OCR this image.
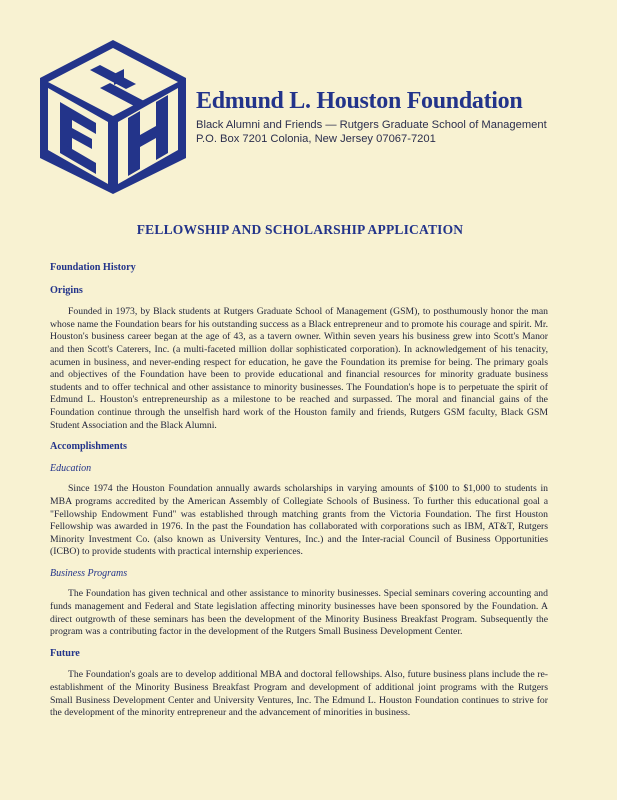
Edmund L. Houston Foundation
Black Alumni and Friends — Rutgers Graduate School of Management
P.O. Box 7201 Colonia, New Jersey 07067-7201
FELLOWSHIP AND SCHOLARSHIP APPLICATION
Foundation History
Origins

Founded in 1973, by Black students at Rutgers Graduate School of Management (GSM), to posthumously honor the man whose name the Foundation bears for his outstanding success as a Black entrepreneur and to promote his courage and spirit. Mr. Houston's business career began at the age of 43, as a tavern owner. Within seven years his business grew into Scott's Manor and then Scott's Caterers, Inc. (a multi-faceted million dollar sophisticated corporation). In acknowledgement of his tenacity, acumen in business, and never-ending respect for education, he gave the Foundation its premise for being. The primary goals and objectives of the Foundation have been to provide educational and financial resources for minority graduate business students and to offer technical and other assistance to minority businesses. The Foundation's hope is to perpetuate the spirit of Edmund L. Houston's entrepreneurship as a milestone to be reached and surpassed. The moral and financial gains of the Foundation continue through the unselfish hard work of the Houston family and friends, Rutgers GSM faculty, Black GSM Student Association and the Black Alumni.

Accomplishments
Education

Since 1974 the Houston Foundation annually awards scholarships in varying amounts of $100 to $1,000 to students in MBA programs accredited by the American Assembly of Collegiate Schools of Business. To further this educational goal a "Fellowship Endowment Fund" was established through matching grants from the Victoria Foundation. The first Houston Fellowship was awarded in 1976. In the past the Foundation has collaborated with corporations such as IBM, AT&T, Rutgers Minority Investment Co. (also known as University Ventures, Inc.) and the Inter-racial Council of Business Opportunities (ICBO) to provide students with practical internship experiences.

Business Programs

The Foundation has given technical and other assistance to minority businesses. Special seminars covering accounting and funds management and Federal and State legislation affecting minority businesses have been sponsored by the Foundation. A direct outgrowth of these seminars has been the development of the Minority Business Breakfast Program. Subsequently the program was a contributing factor in the development of the Rutgers Small Business Development Center.

Future

The Foundation's goals are to develop additional MBA and doctoral fellowships. Also, future business plans include the re-establishment of the Minority Business Breakfast Program and development of additional joint programs with the Rutgers Small Business Development Center and University Ventures, Inc. The Edmund L. Houston Foundation continues to strive for the development of the minority entrepreneur and the advancement of minorities in business.
